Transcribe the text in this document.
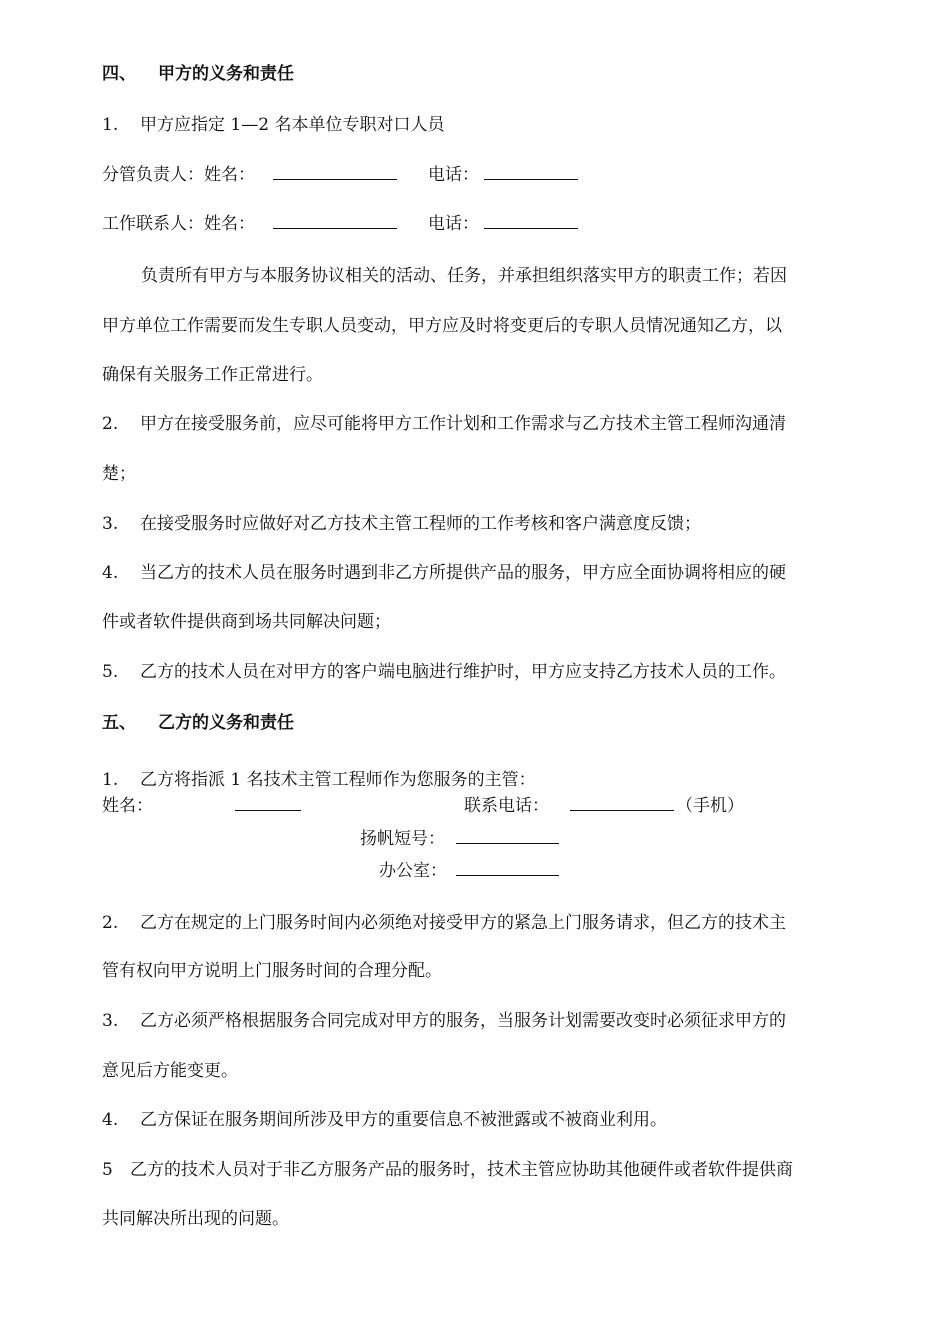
四、 甲方的义务和责任
1. 甲方应指定 1—2 名本单位专职对口人员
分管负责人：姓名：	电话：
工作联系人：姓名：	电话：
负责所有甲方与本服务协议相关的活动、任务，并承担组织落实甲方的职责工作；若因
甲方单位工作需要而发生专职人员变动，甲方应及时将变更后的专职人员情况通知乙方，以
确保有关服务工作正常进行。
2. 甲方在接受服务前，应尽可能将甲方工作计划和工作需求与乙方技术主管工程师沟通清
楚；
3. 在接受服务时应做好对乙方技术主管工程师的工作考核和客户满意度反馈；
4. 当乙方的技术人员在服务时遇到非乙方所提供产品的服务，甲方应全面协调将相应的硬
件或者软件提供商到场共同解决问题；
5. 乙方的技术人员在对甲方的客户端电脑进行维护时，甲方应支持乙方技术人员的工作。
五、 乙方的义务和责任
1. 乙方将指派 1 名技术主管工程师作为您服务的主管：
姓名：	联系电话：	（手机）
扬帆短号：
办公室：
2. 乙方在规定的上门服务时间内必须绝对接受甲方的紧急上门服务请求，但乙方的技术主
管有权向甲方说明上门服务时间的合理分配。
3. 乙方必须严格根据服务合同完成对甲方的服务，当服务计划需要改变时必须征求甲方的
意见后方能变更。
4. 乙方保证在服务期间所涉及甲方的重要信息不被泄露或不被商业利用。
5 乙方的技术人员对于非乙方服务产品的服务时，技术主管应协助其他硬件或者软件提供商
共同解决所出现的问题。
